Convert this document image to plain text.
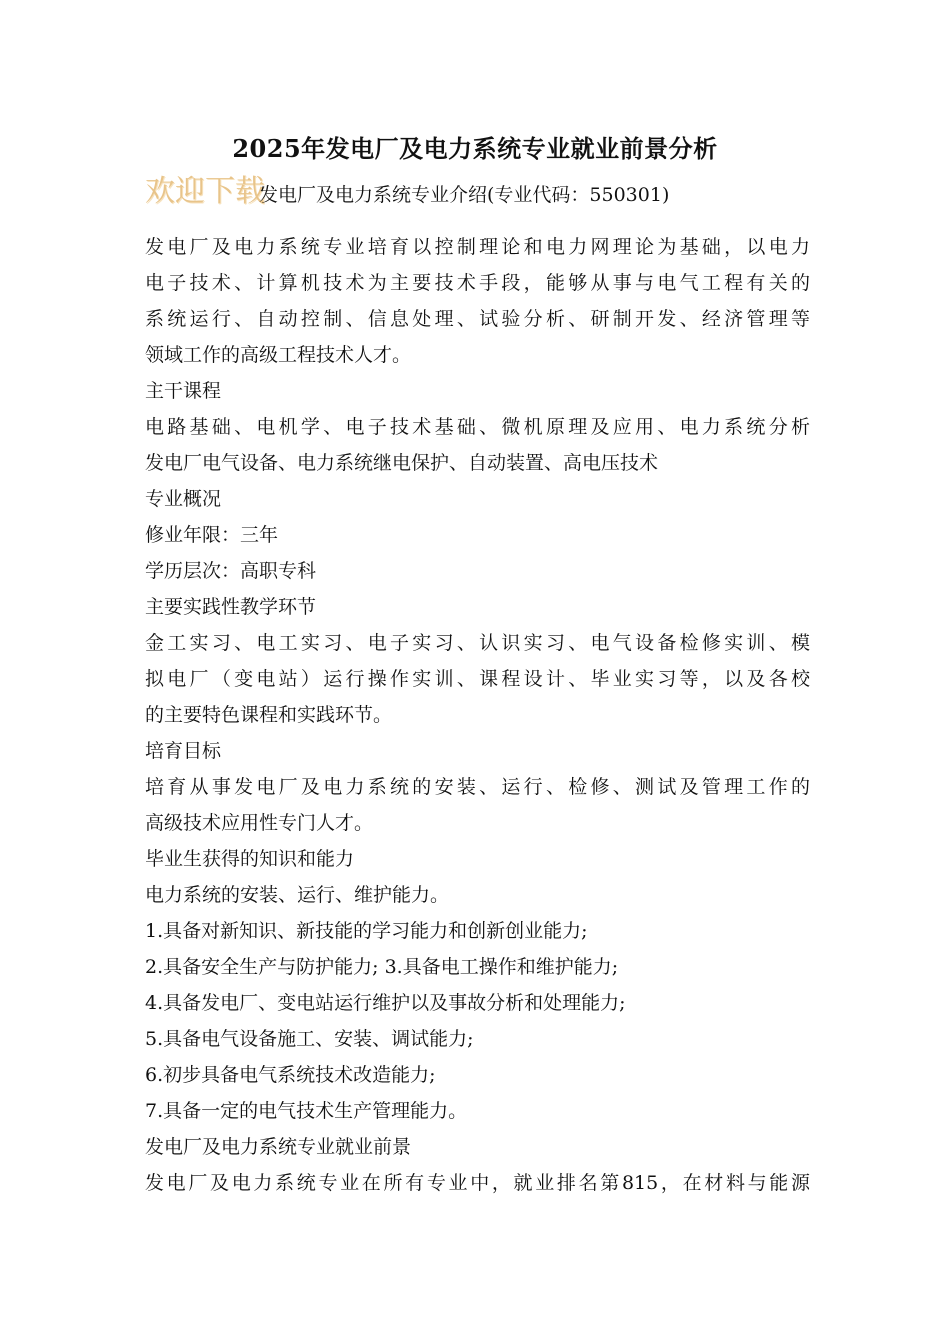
2025年发电厂及电力系统专业就业前景分析
欢迎下载
发电厂及电力系统专业介绍(专业代码：550301)
发电厂及电力系统专业培育以控制理论和电力网理论为基础，以电力
电子技术、计算机技术为主要技术手段，能够从事与电气工程有关的
系统运行、自动控制、信息处理、试验分析、研制开发、经济管理等
领域工作的高级工程技术人才。
主干课程
电路基础、电机学、电子技术基础、微机原理及应用、电力系统分析
发电厂电气设备、电力系统继电保护、自动装置、高电压技术
专业概况
修业年限：三年
学历层次：高职专科
主要实践性教学环节
金工实习、电工实习、电子实习、认识实习、电气设备检修实训、模
拟电厂（变电站）运行操作实训、课程设计、毕业实习等，以及各校
的主要特色课程和实践环节。
培育目标
培育从事发电厂及电力系统的安装、运行、检修、测试及管理工作的
高级技术应用性专门人才。
毕业生获得的知识和能力
电力系统的安装、运行、维护能力。
1.具备对新知识、新技能的学习能力和创新创业能力;
2.具备安全生产与防护能力; 3.具备电工操作和维护能力;
4.具备发电厂、变电站运行维护以及事故分析和处理能力;
5.具备电气设备施工、安装、调试能力;
6.初步具备电气系统技术改造能力;
7.具备一定的电气技术生产管理能力。
发电厂及电力系统专业就业前景
发电厂及电力系统专业在所有专业中，就业排名第815，在材料与能源
